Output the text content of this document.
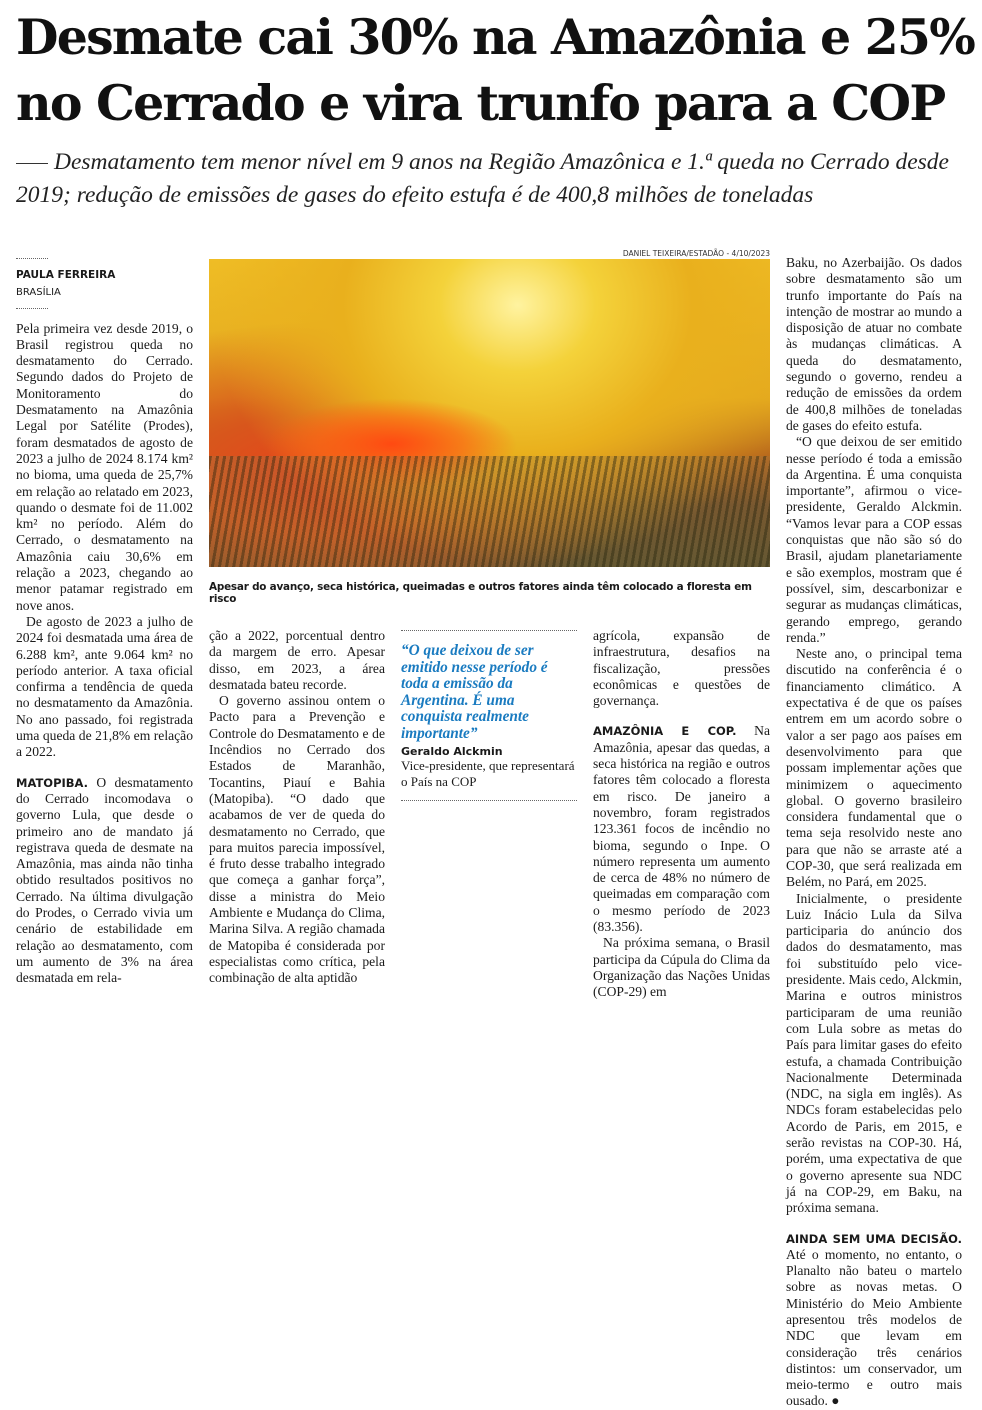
Desmate cai 30% na Amazônia e 25% no Cerrado e vira trunfo para a COP
Desmatamento tem menor nível em 9 anos na Região Amazônica e 1.ª queda no Cerrado desde 2019; redução de emissões de gases do efeito estufa é de 400,8 milhões de toneladas
PAULA FERREIRA
BRASÍLIA

Pela primeira vez desde 2019, o Brasil registrou queda no desmatamento do Cerrado. Segundo dados do Projeto de Monitoramento do Desmatamento na Amazônia Legal por Satélite (Prodes), foram desmatados de agosto de 2023 a julho de 2024 8.174 km² no bioma, uma queda de 25,7% em relação ao relatado em 2023, quando o desmate foi de 11.002 km² no período. Além do Cerrado, o desmatamento na Amazônia caiu 30,6% em relação a 2023, chegando ao menor patamar registrado em nove anos.

De agosto de 2023 a julho de 2024 foi desmatada uma área de 6.288 km², ante 9.064 km² no período anterior. A taxa oficial confirma a tendência de queda no desmatamento da Amazônia. No ano passado, foi registrada uma queda de 21,8% em relação a 2022.

MATOPIBA. O desmatamento do Cerrado incomodava o governo Lula, que desde o primeiro ano de mandato já registrava queda de desmate na Amazônia, mas ainda não tinha obtido resultados positivos no Cerrado. Na última divulgação do Prodes, o Cerrado vivia um cenário de estabilidade em relação ao desmatamento, com um aumento de 3% na área desmatada em rela-

DANIEL TEIXEIRA/ESTADÃO - 4/10/2023
Apesar do avanço, seca histórica, queimadas e outros fatores ainda têm colocado a floresta em risco

ção a 2022, porcentual dentro da margem de erro. Apesar disso, em 2023, a área desmatada bateu recorde.

O governo assinou ontem o Pacto para a Prevenção e Controle do Desmatamento e de Incêndios no Cerrado dos Estados de Maranhão, Tocantins, Piauí e Bahia (Matopiba). “O dado que acabamos de ver de queda do desmatamento no Cerrado, que para muitos parecia impossível, é fruto desse trabalho integrado que começa a ganhar força”, disse a ministra do Meio Ambiente e Mudança do Clima, Marina Silva. A região chamada de Matopiba é considerada por especialistas como crítica, pela combinação de alta aptidão

“O que deixou de ser emitido nesse período é toda a emissão da Argentina. É uma conquista realmente importante”
Geraldo Alckmin
Vice-presidente, que representará o País na COP

agrícola, expansão de infraestrutura, desafios na fiscalização, pressões econômicas e questões de governança.

AMAZÔNIA E COP. Na Amazônia, apesar das quedas, a seca histórica na região e outros fatores têm colocado a floresta em risco. De janeiro a novembro, foram registrados 123.361 focos de incêndio no bioma, segundo o Inpe. O número representa um aumento de cerca de 48% no número de queimadas em comparação com o mesmo período de 2023 (83.356).

Na próxima semana, o Brasil participa da Cúpula do Clima da Organização das Nações Unidas (COP-29) em

Baku, no Azerbaijão. Os dados sobre desmatamento são um trunfo importante do País na intenção de mostrar ao mundo a disposição de atuar no combate às mudanças climáticas. A queda do desmatamento, segundo o governo, rendeu a redução de emissões da ordem de 400,8 milhões de toneladas de gases do efeito estufa.

“O que deixou de ser emitido nesse período é toda a emissão da Argentina. É uma conquista importante”, afirmou o vice-presidente, Geraldo Alckmin. “Vamos levar para a COP essas conquistas que não são só do Brasil, ajudam planetariamente e são exemplos, mostram que é possível, sim, descarbonizar e segurar as mudanças climáticas, gerando emprego, gerando renda.”

Neste ano, o principal tema discutido na conferência é o financiamento climático. A expectativa é de que os países entrem em um acordo sobre o valor a ser pago aos países em desenvolvimento para que possam implementar ações que minimizem o aquecimento global. O governo brasileiro considera fundamental que o tema seja resolvido neste ano para que não se arraste até a COP-30, que será realizada em Belém, no Pará, em 2025.

Inicialmente, o presidente Luiz Inácio Lula da Silva participaria do anúncio dos dados do desmatamento, mas foi substituído pelo vice-presidente. Mais cedo, Alckmin, Marina e outros ministros participaram de uma reunião com Lula sobre as metas do País para limitar gases do efeito estufa, a chamada Contribuição Nacionalmente Determinada (NDC, na sigla em inglês). As NDCs foram estabelecidas pelo Acordo de Paris, em 2015, e serão revistas na COP-30. Há, porém, uma expectativa de que o governo apresente sua NDC já na COP-29, em Baku, na próxima semana.

AINDA SEM UMA DECISÃO. Até o momento, no entanto, o Planalto não bateu o martelo sobre as novas metas. O Ministério do Meio Ambiente apresentou três modelos de NDC que levam em consideração três cenários distintos: um conservador, um meio-termo e outro mais ousado. ●
